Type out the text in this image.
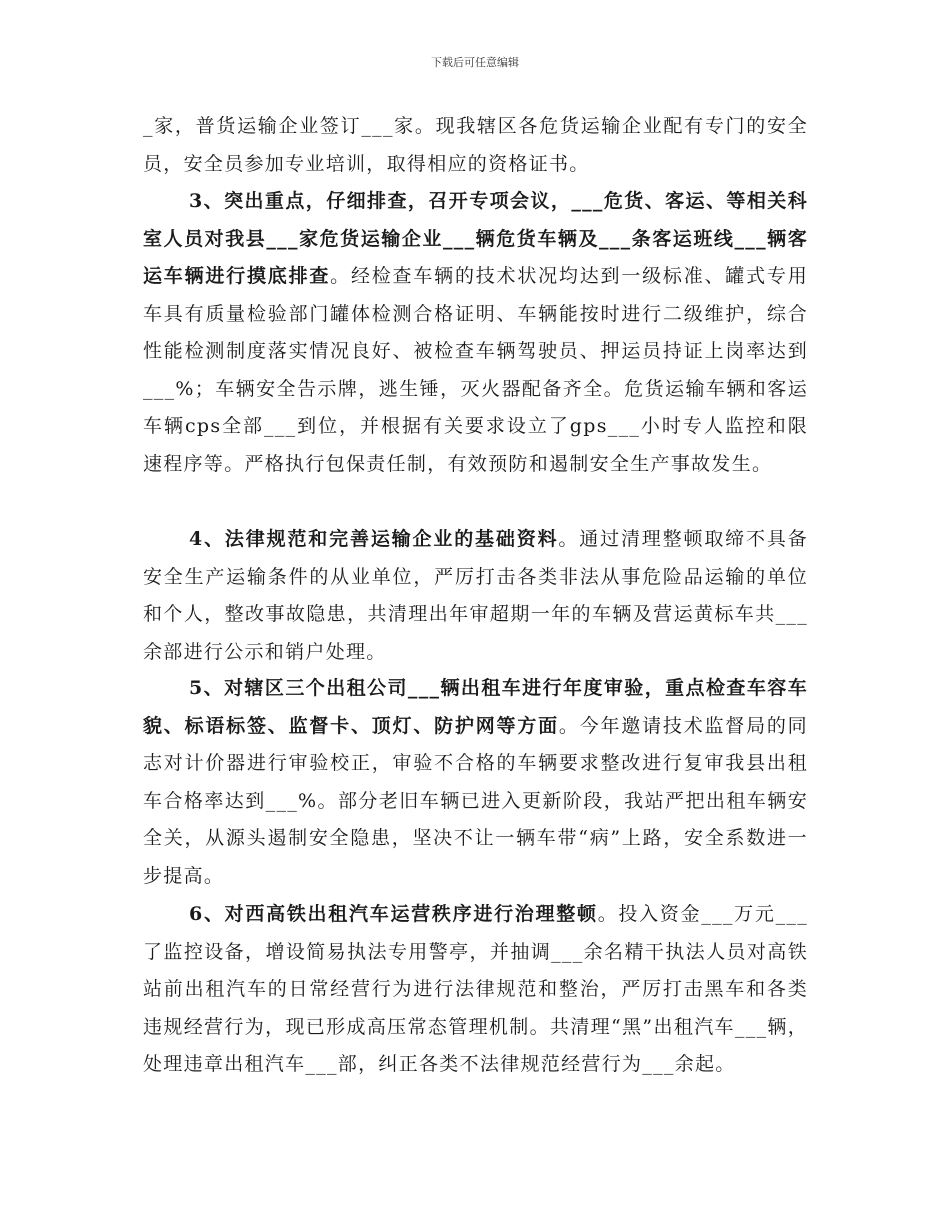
下载后可任意编辑

_家，普货运输企业签订___家。现我辖区各危货运输企业配有专门的安全员，安全员参加专业培训，取得相应的资格证书。

3、突出重点，仔细排查，召开专项会议，___危货、客运、等相关科室人员对我县___家危货运输企业___辆危货车辆及___条客运班线___辆客运车辆进行摸底排查。经检查车辆的技术状况均达到一级标准、罐式专用车具有质量检验部门罐体检测合格证明、车辆能按时进行二级维护，综合性能检测制度落实情况良好、被检查车辆驾驶员、押运员持证上岗率达到___%；车辆安全告示牌，逃生锤，灭火器配备齐全。危货运输车辆和客运车辆cps全部___到位，并根据有关要求设立了gps___小时专人监控和限速程序等。严格执行包保责任制，有效预防和遏制安全生产事故发生。

4、法律规范和完善运输企业的基础资料。通过清理整顿取缔不具备安全生产运输条件的从业单位，严厉打击各类非法从事危险品运输的单位和个人，整改事故隐患，共清理出年审超期一年的车辆及营运黄标车共___余部进行公示和销户处理。

5、对辖区三个出租公司___辆出租车进行年度审验，重点检查车容车貌、标语标签、监督卡、顶灯、防护网等方面。今年邀请技术监督局的同志对计价器进行审验校正，审验不合格的车辆要求整改进行复审我县出租车合格率达到___%。部分老旧车辆已进入更新阶段，我站严把出租车辆安全关，从源头遏制安全隐患，坚决不让一辆车带“病”上路，安全系数进一步提高。

6、对西高铁出租汽车运营秩序进行治理整顿。投入资金___万元___了监控设备，增设简易执法专用警亭，并抽调___余名精干执法人员对高铁站前出租汽车的日常经营行为进行法律规范和整治，严厉打击黑车和各类违规经营行为，现已形成高压常态管理机制。共清理“黑”出租汽车___辆，处理违章出租汽车___部，纠正各类不法律规范经营行为___余起。
